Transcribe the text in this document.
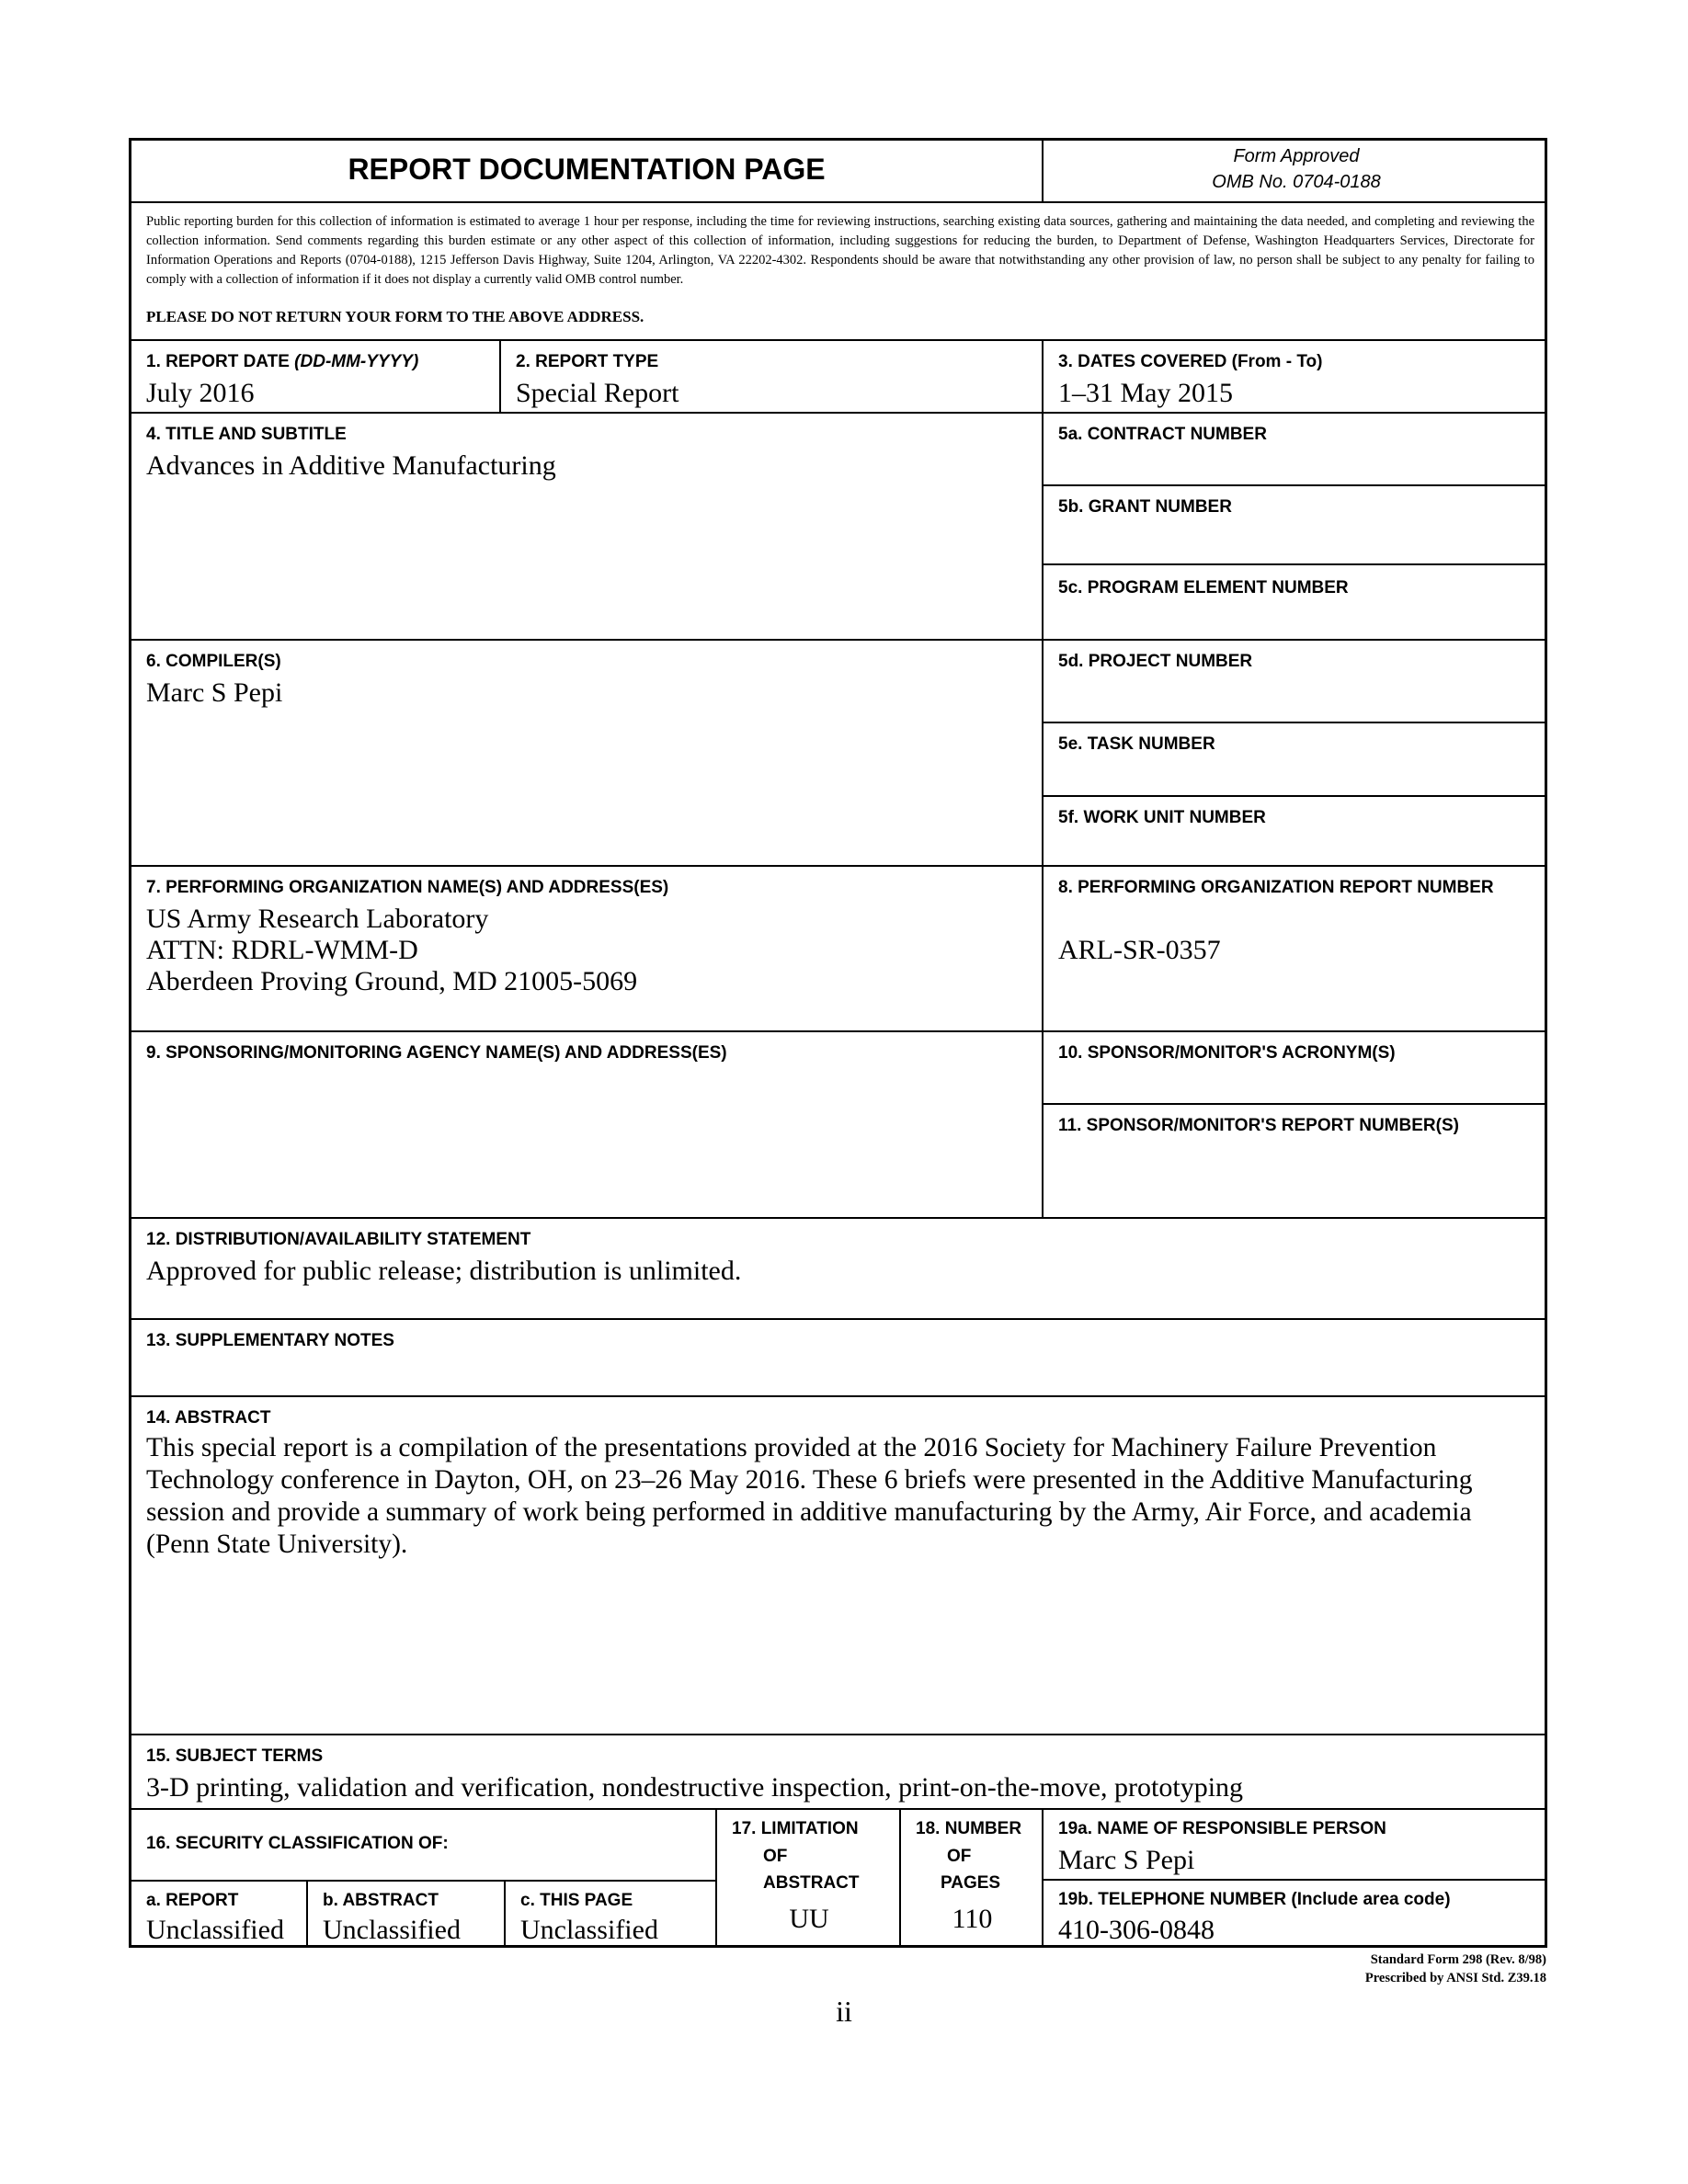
REPORT DOCUMENTATION PAGE	Form Approved
OMB No. 0704-0188
Public reporting burden for this collection of information is estimated to average 1 hour per response, including the time for reviewing instructions, searching existing data sources, gathering and maintaining the data needed, and completing and reviewing the collection information. Send comments regarding this burden estimate or any other aspect of this collection of information, including suggestions for reducing the burden, to Department of Defense, Washington Headquarters Services, Directorate for Information Operations and Reports (0704-0188), 1215 Jefferson Davis Highway, Suite 1204, Arlington, VA 22202-4302. Respondents should be aware that notwithstanding any other provision of law, no person shall be subject to any penalty for failing to comply with a collection of information if it does not display a currently valid OMB control number.
PLEASE DO NOT RETURN YOUR FORM TO THE ABOVE ADDRESS.
1. REPORT DATE (DD-MM-YYYY)
July 2016
2. REPORT TYPE
Special Report
3. DATES COVERED (From - To)
1–31 May 2015
4. TITLE AND SUBTITLE
Advances in Additive Manufacturing
5a. CONTRACT NUMBER
5b. GRANT NUMBER
5c. PROGRAM ELEMENT NUMBER
6. COMPILER(S)
Marc S Pepi
5d. PROJECT NUMBER
5e. TASK NUMBER
5f. WORK UNIT NUMBER
7. PERFORMING ORGANIZATION NAME(S) AND ADDRESS(ES)
US Army Research Laboratory
ATTN: RDRL-WMM-D
Aberdeen Proving Ground, MD 21005-5069
8. PERFORMING ORGANIZATION REPORT NUMBER
ARL-SR-0357
9. SPONSORING/MONITORING AGENCY NAME(S) AND ADDRESS(ES)	10. SPONSOR/MONITOR'S ACRONYM(S)
11. SPONSOR/MONITOR'S REPORT NUMBER(S)
12. DISTRIBUTION/AVAILABILITY STATEMENT
Approved for public release; distribution is unlimited.
13. SUPPLEMENTARY NOTES
14. ABSTRACT
This special report is a compilation of the presentations provided at the 2016 Society for Machinery Failure Prevention Technology conference in Dayton, OH, on 23–26 May 2016. These 6 briefs were presented in the Additive Manufacturing session and provide a summary of work being performed in additive manufacturing by the Army, Air Force, and academia (Penn State University).
15. SUBJECT TERMS
3-D printing, validation and verification, nondestructive inspection, print-on-the-move, prototyping
16. SECURITY CLASSIFICATION OF:
a. REPORT
Unclassified
b. ABSTRACT
Unclassified
c. THIS PAGE
Unclassified
17. LIMITATION
OF
ABSTRACT
UU
18. NUMBER
OF
PAGES
110
19a. NAME OF RESPONSIBLE PERSON
Marc S Pepi
19b. TELEPHONE NUMBER (Include area code)
410-306-0848
Standard Form 298 (Rev. 8/98)
Prescribed by ANSI Std. Z39.18
ii
